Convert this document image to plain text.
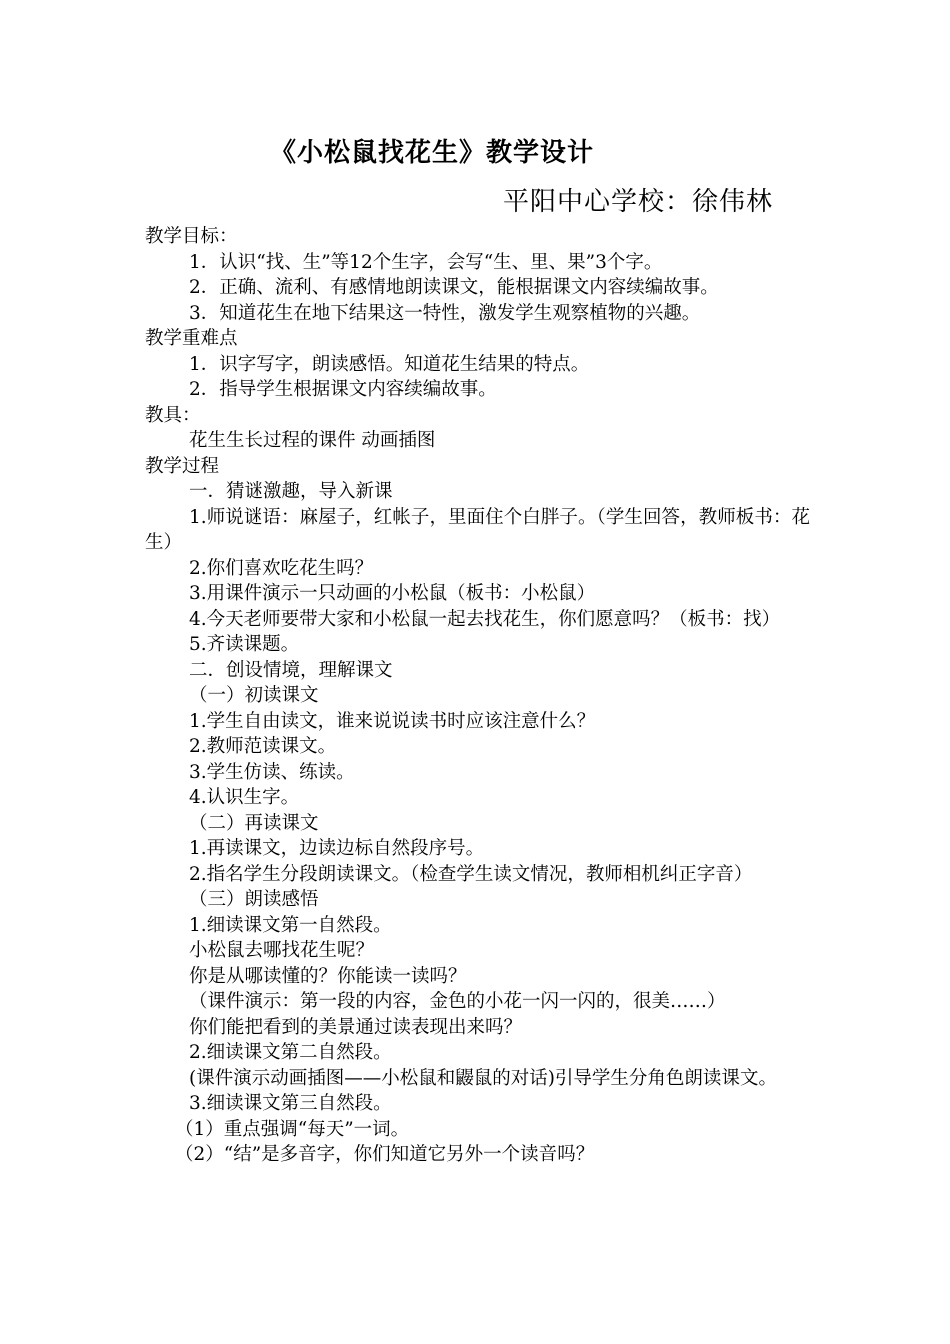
《小松鼠找花生》教学设计
平阳中心学校：徐伟林
教学目标：
1．认识“找、生”等12个生字，会写“生、里、果”3个字。
2．正确、流利、有感情地朗读课文，能根据课文内容续编故事。
3．知道花生在地下结果这一特性，激发学生观察植物的兴趣。
教学重难点
1．识字写字，朗读感悟。知道花生结果的特点。
2．指导学生根据课文内容续编故事。
教具：
花生生长过程的课件 动画插图
教学过程
一．猜谜激趣，导入新课
1.师说谜语：麻屋子，红帐子，里面住个白胖子。（学生回答，教师板书：花生）
2.你们喜欢吃花生吗？
3.用课件演示一只动画的小松鼠（板书：小松鼠）
4.今天老师要带大家和小松鼠一起去找花生，你们愿意吗？（板书：找）
5.齐读课题。
二．创设情境，理解课文
（一）初读课文
1.学生自由读文，谁来说说读书时应该注意什么？
2.教师范读课文。
3.学生仿读、练读。
4.认识生字。
（二）再读课文
1.再读课文，边读边标自然段序号。
2.指名学生分段朗读课文。（检查学生读文情况，教师相机纠正字音）
（三）朗读感悟
1.细读课文第一自然段。
小松鼠去哪找花生呢？
你是从哪读懂的？你能读一读吗？
（课件演示：第一段的内容，金色的小花一闪一闪的，很美……）
你们能把看到的美景通过读表现出来吗？
2.细读课文第二自然段。
(课件演示动画插图——小松鼠和鼹鼠的对话)引导学生分角色朗读课文。
3.细读课文第三自然段。
（1）重点强调“每天”一词。
（2）“结”是多音字，你们知道它另外一个读音吗？
